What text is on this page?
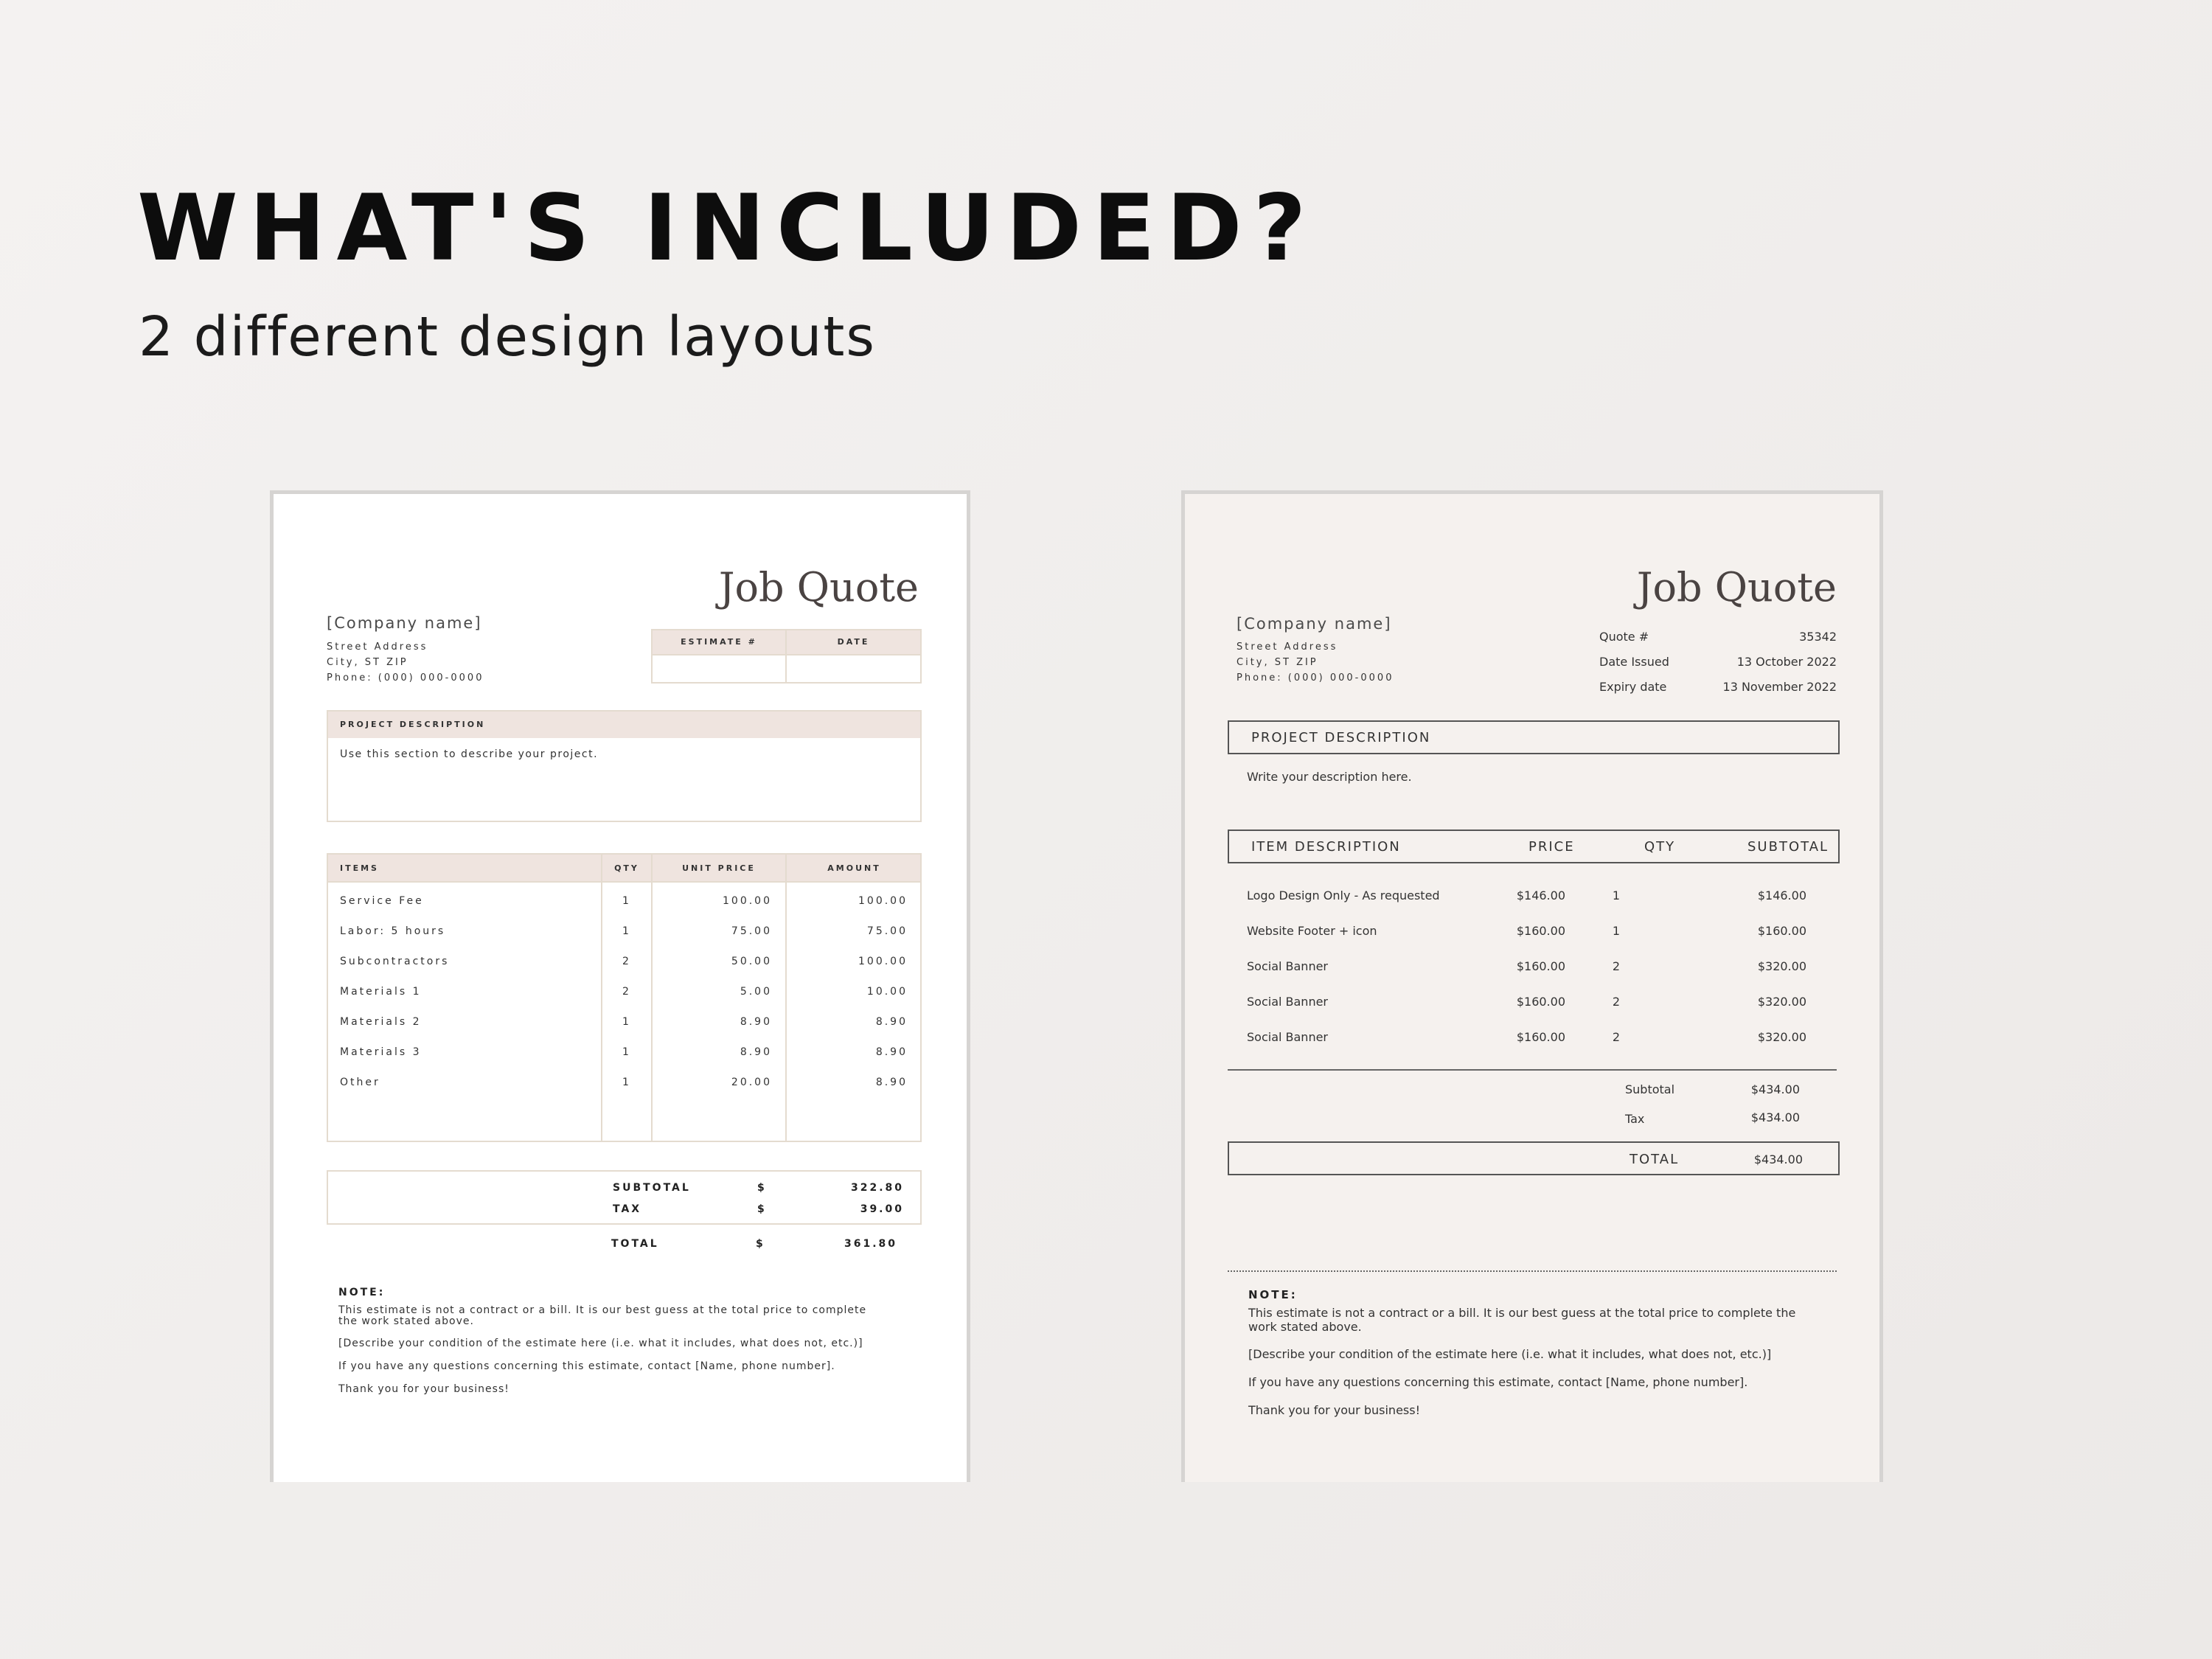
WHAT'S INCLUDED?
2 different design layouts
Job Quote
[Company name]
Street Address
City, ST ZIP
Phone: (000) 000-0000
ESTIMATE #	DATE
PROJECT DESCRIPTION
Use this section to describe your project.
ITEMS	QTY	UNIT PRICE	AMOUNT
Service Fee	1	100.00	100.00
Labor: 5 hours	1	75.00	75.00
Subcontractors	2	50.00	100.00
Materials 1	2	5.00	10.00
Materials 2	1	8.90	8.90
Materials 3	1	8.90	8.90
Other	1	20.00	8.90
SUBTOTAL	$	322.80
TAX	$	39.00
TOTAL	$	361.80
NOTE:
This estimate is not a contract or a bill. It is our best guess at the total price to complete the work stated above.
[Describe your condition of the estimate here (i.e. what it includes, what does not, etc.)]
If you have any questions concerning this estimate, contact [Name, phone number].
Thank you for your business!
Job Quote
[Company name]
Street Address
City, ST ZIP
Phone: (000) 000-0000
Quote #	35342
Date Issued	13 October 2022
Expiry date	13 November 2022
PROJECT DESCRIPTION
Write your description here.
ITEM DESCRIPTION	PRICE	QTY	SUBTOTAL
Logo Design Only - As requested	$146.00	1	$146.00
Website Footer + icon	$160.00	1	$160.00
Social Banner	$160.00	2	$320.00
Social Banner	$160.00	2	$320.00
Social Banner	$160.00	2	$320.00
Subtotal	$434.00
Tax	$434.00
TOTAL	$434.00
NOTE:
This estimate is not a contract or a bill. It is our best guess at the total price to complete the work stated above.
[Describe your condition of the estimate here (i.e. what it includes, what does not, etc.)]
If you have any questions concerning this estimate, contact [Name, phone number].
Thank you for your business!
